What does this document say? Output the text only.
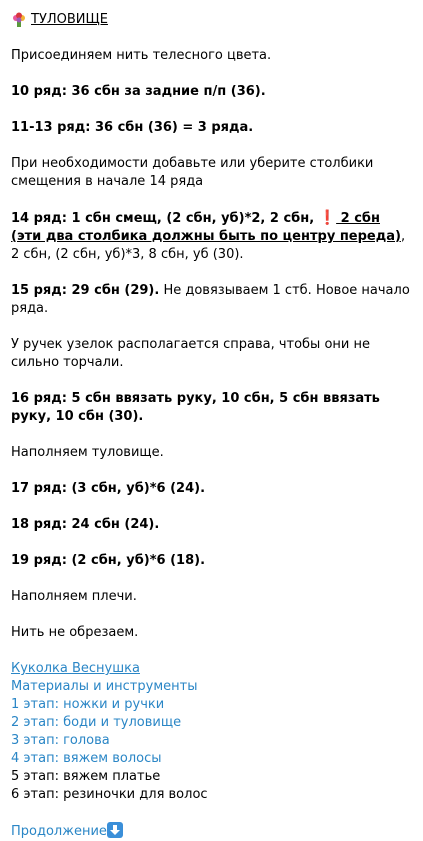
ТУЛОВИЩЕ
Присоединяем нить телесного цвета.
10 ряд: 36 сбн за задние п/п (36).
11-13 ряд: 36 сбн (36) = 3 ряда.
При необходимости добавьте или уберите столбики смещения в начале 14 ряда
14 ряд: 1 сбн смещ, (2 сбн, уб)*2, 2 сбн, ❗ 2 сбн (эти два столбика должны быть по центру переда), 2 сбн, (2 сбн, уб)*3, 8 сбн, уб (30).
15 ряд: 29 сбн (29). Не довязываем 1 стб. Новое начало ряда.
У ручек узелок располагается справа, чтобы они не сильно торчали.
16 ряд: 5 сбн ввязать руку, 10 сбн, 5 сбн ввязать руку, 10 сбн (30).
Наполняем туловище.
17 ряд: (3 сбн, уб)*6 (24).
18 ряд: 24 сбн (24).
19 ряд: (2 сбн, уб)*6 (18).
Наполняем плечи.
Нить не обрезаем.
Куколка Веснушка
Материалы и инструменты
1 этап: ножки и ручки
2 этап: боди и туловище
3 этап: голова
4 этап: вяжем волосы
5 этап: вяжем платье
6 этап: резиночки для волос
Продолжение
